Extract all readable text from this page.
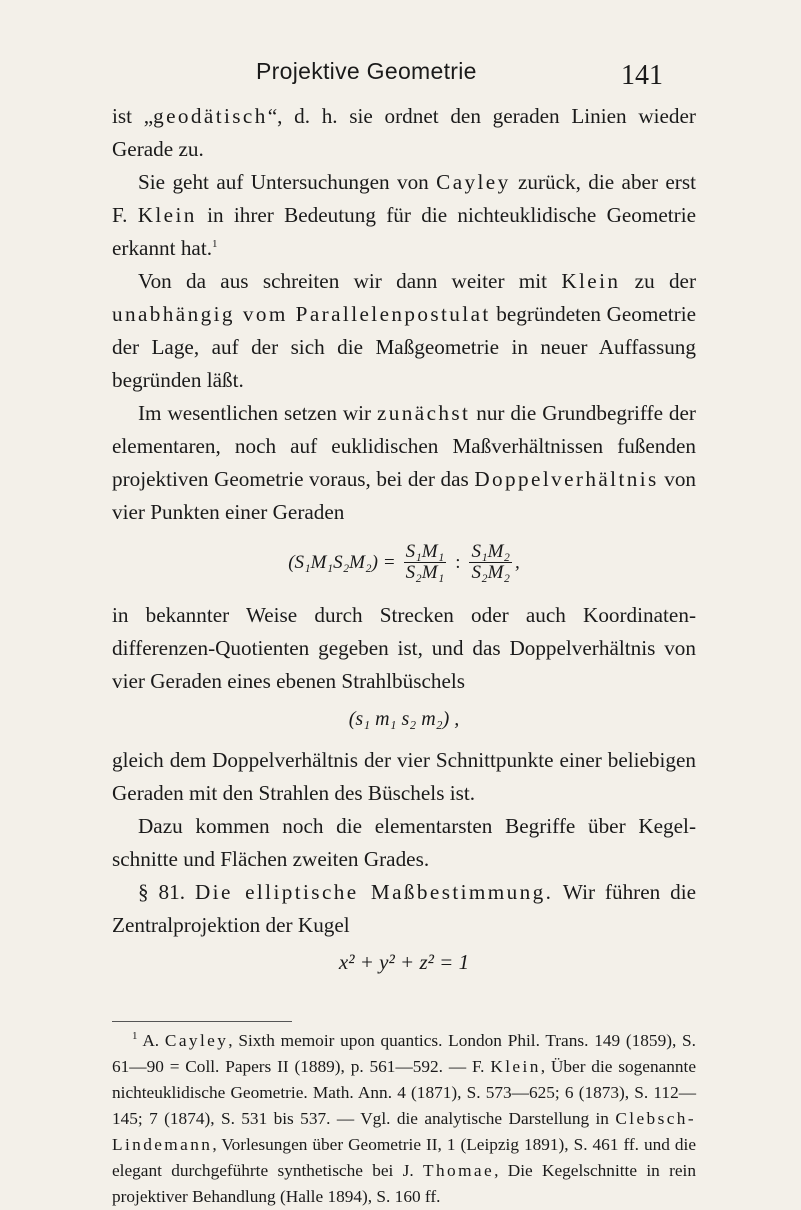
Projektive Geometrie	141

ist „geodätisch“, d. h. sie ordnet den geraden Linien wieder Gerade zu.

Sie geht auf Untersuchungen von Cayley zurück, die aber erst F. Klein in ihrer Bedeutung für die nichteuklidische Geometrie erkannt hat.$^1$

Von da aus schreiten wir dann weiter mit Klein zu der unabhängig vom Parallelenpostulat begründeten Geometrie der Lage, auf der sich die Maßgeometrie in neuer Auffassung begründen läßt.

Im wesentlichen setzen wir zunächst nur die Grundbegriffe der elementaren, noch auf euklidischen Maßverhältnissen fußenden projektiven Geometrie voraus, bei der das Doppelverhältnis von vier Punkten einer Geraden

$(S_1M_1S_2M_2) = \frac{\text{S₁M₁}}{\text{S₂M₁}}$ : $\frac{\text{S₁M₂}}{\text{S₂M₂}}$ ,

in bekannter Weise durch Strecken oder auch Koordinatendifferenzen-Quotienten gegeben ist, und das Doppelverhältnis von vier Geraden eines ebenen Strahlbüschels

(s₁ m₁ s₂ m₂) ,

gleich dem Doppelverhältnis der vier Schnittpunkte einer beliebigen Geraden mit den Strahlen des Büschels ist.

Dazu kommen noch die elementarsten Begriffe über Kegelschnitte und Flächen zweiten Grades.

§ 81. Die elliptische Maßbestimmung. Wir führen die Zentralprojektion der Kugel

x² + y² + z² = 1

$^1$ A. Cayley, Sixth memoir upon quantics. London Phil. Trans. 149 (1859), S. 61—90 = Coll. Papers II (1889), p. 561—592. — F. Klein, Über die sogenannte nichteuklidische Geometrie. Math. Ann. 4 (1871), S. 573—625; 6 (1873), S. 112—145; 7 (1874), S. 531 bis 537. — Vgl. die analytische Darstellung in Clebsch-Lindemann, Vorlesungen über Geometrie II, 1 (Leipzig 1891), S. 461 ff. und die elegant durchgeführte synthetische bei J. Thomae, Die Kegelschnitte in rein projektiver Behandlung (Halle 1894), S. 160 ff.
